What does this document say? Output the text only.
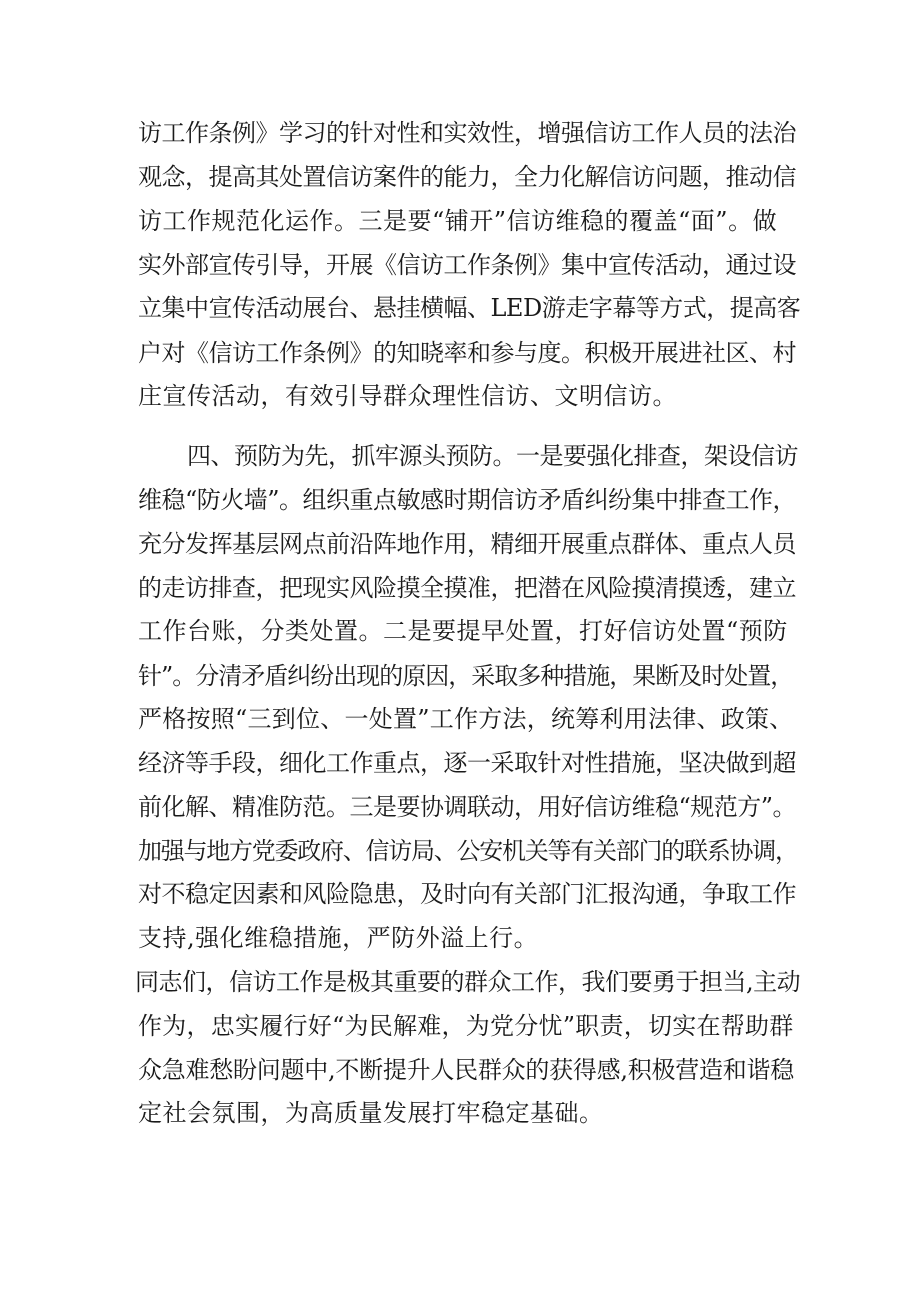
访工作条例》学习的针对性和实效性，增强信访工作人员的法治
观念，提高其处置信访案件的能力，全力化解信访问题，推动信
访工作规范化运作。三是要“铺开”信访维稳的覆盖“面”。做
实外部宣传引导，开展《信访工作条例》集中宣传活动，通过设
立集中宣传活动展台、悬挂横幅、LED游走字幕等方式，提高客
户对《信访工作条例》的知晓率和参与度。积极开展进社区、村
庄宣传活动，有效引导群众理性信访、文明信访。
四、预防为先，抓牢源头预防。一是要强化排查，架设信访
维稳“防火墙”。组织重点敏感时期信访矛盾纠纷集中排查工作，
充分发挥基层网点前沿阵地作用，精细开展重点群体、重点人员
的走访排查，把现实风险摸全摸准，把潜在风险摸清摸透，建立
工作台账，分类处置。二是要提早处置，打好信访处置“预防
针”。分清矛盾纠纷出现的原因，采取多种措施，果断及时处置，
严格按照“三到位、一处置”工作方法，统筹利用法律、政策、
经济等手段，细化工作重点，逐一采取针对性措施，坚决做到超
前化解、精准防范。三是要协调联动，用好信访维稳“规范方”。
加强与地方党委政府、信访局、公安机关等有关部门的联系协调，
对不稳定因素和风险隐患，及时向有关部门汇报沟通，争取工作
支持,强化维稳措施，严防外溢上行。
同志们，信访工作是极其重要的群众工作，我们要勇于担当,主动
作为，忠实履行好“为民解难，为党分忧”职责，切实在帮助群
众急难愁盼问题中,不断提升人民群众的获得感,积极营造和谐稳
定社会氛围，为高质量发展打牢稳定基础。
